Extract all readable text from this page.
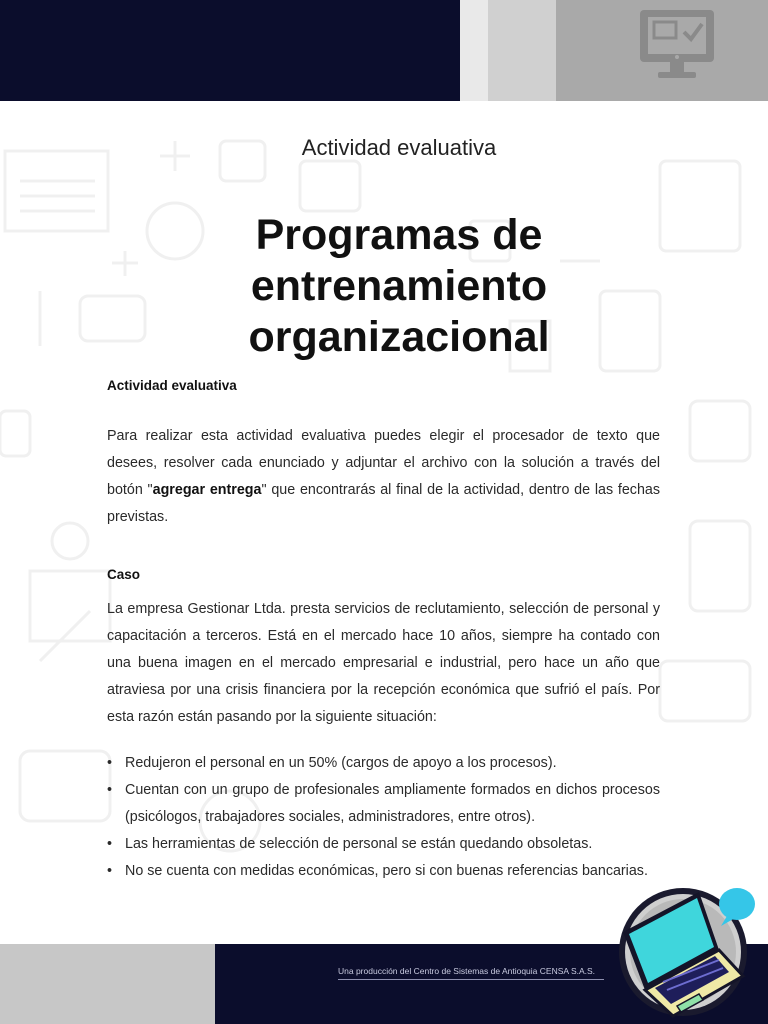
Actividad evaluativa
Programas de entrenamiento organizacional
Actividad evaluativa

Para realizar esta actividad evaluativa puedes elegir el procesador de texto que desees, resolver cada enunciado y adjuntar el archivo con la solución a través del botón "agregar entrega" que encontrarás al final de la actividad, dentro de las fechas previstas.

Caso

La empresa Gestionar Ltda. presta servicios de reclutamiento, selección de personal y capacitación a terceros. Está en el mercado hace 10 años, siempre ha contado con una buena imagen en el mercado empresarial e industrial, pero hace un año que atraviesa por una crisis financiera por la recepción económica que sufrió el país. Por esta razón están pasando por la siguiente situación:

• Redujeron el personal en un 50% (cargos de apoyo a los procesos).
• Cuentan con un grupo de profesionales ampliamente formados en dichos procesos (psicólogos, trabajadores sociales, administradores, entre otros).
• Las herramientas de selección de personal se están quedando obsoletas.
• No se cuenta con medidas económicas, pero si con buenas referencias bancarias.
Una producción del Centro de Sistemas de Antioquia CENSA S.A.S.
